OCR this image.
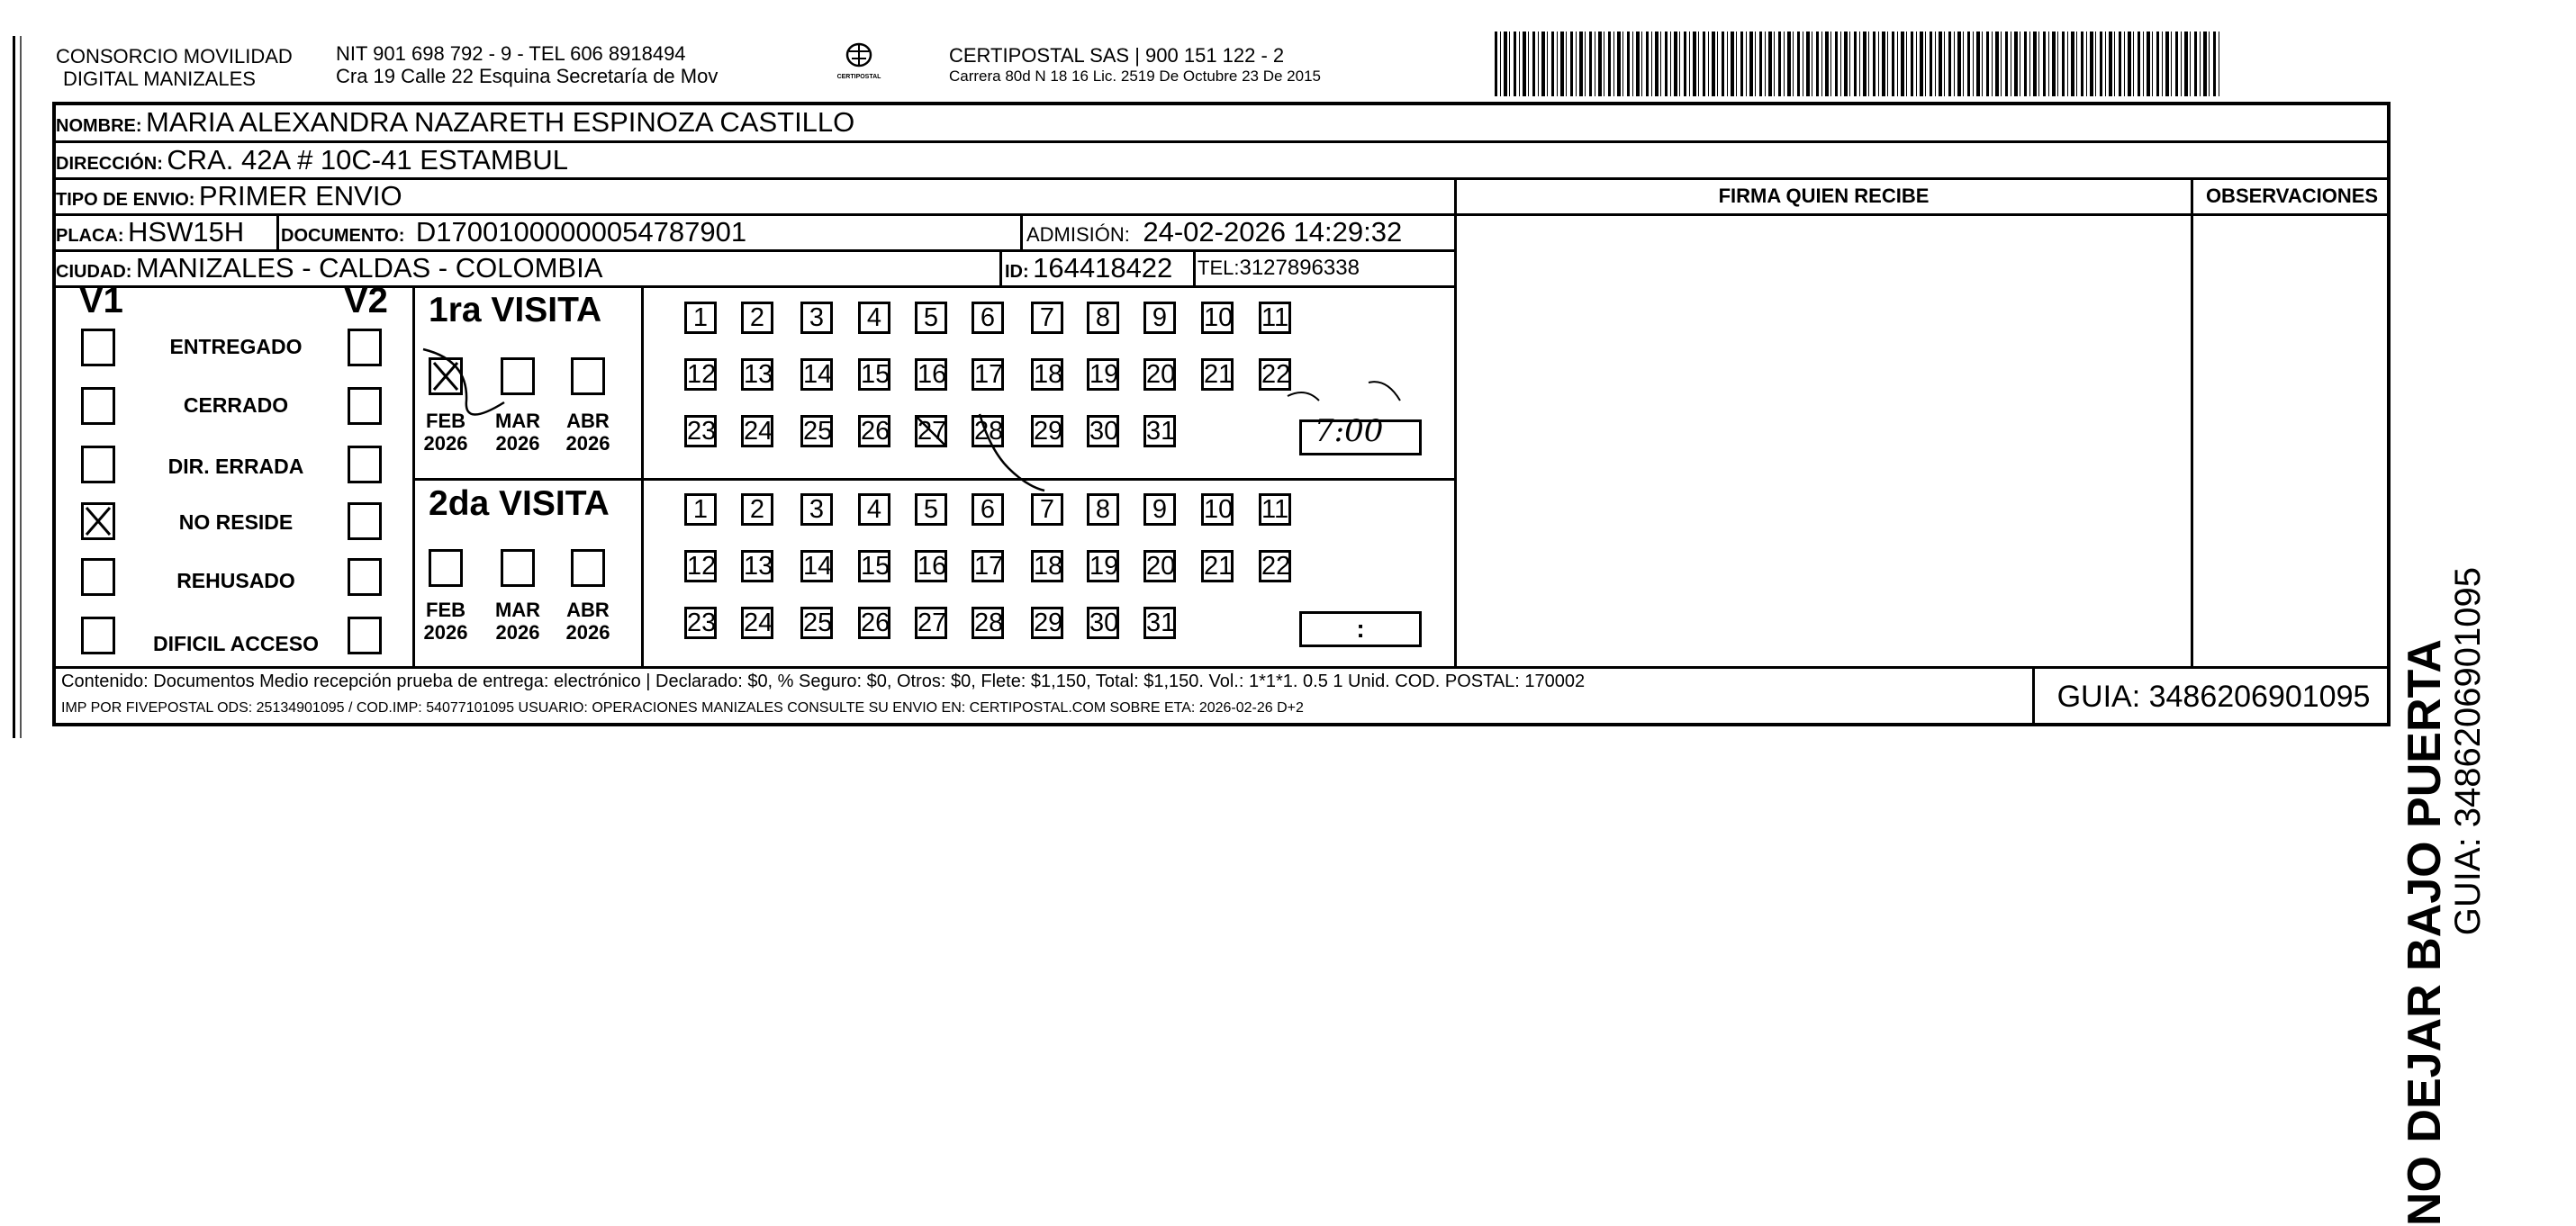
CONSORCIO MOVILIDAD
DIGITAL MANIZALES
NIT 901 698 792 - 9 - TEL 606 8918494
Cra 19 Calle 22 Esquina Secretaría de Mov	CERTIPOSTAL
CERTIPOSTAL SAS | 900 151 122 - 2
Carrera 80d N 18 16 Lic. 2519 De Octubre 23 De 2015
NOMBRE: MARIA ALEXANDRA NAZARETH ESPINOZA CASTILLO
DIRECCIÓN: CRA. 42A # 10C-41 ESTAMBUL
TIPO DE ENVIO: PRIMER ENVIO	FIRMA QUIEN RECIBE	OBSERVACIONES
PLACA: HSW15H DOCUMENTO: D17001000000054787901	ADMISIÓN: 24-02-2026 14:29:32
CIUDAD: MANIZALES - CALDAS - COLOMBIA	ID: 164418422 TEL:3127896338
V1	V2
ENTREGADO
CERRADO
DIR. ERRADA
NO RESIDE
REHUSADO
DIFICIL ACCESO
1ra VISITA
FEB
2026
MAR
2026
ABR
2026
2da VISITA
FEB
2026
MAR
2026
ABR
2026
1	2	3	4	5	6	7	8	9	10 11
12 13 14 15 16 17 18 19 20 21 22
23 24 25 26 27 28 29 30 31
1	2	3	4	5	6	7	8	9	10 11
12 13 14 15 16 17 18 19 20 21 22
23 24 25 26 27 28 29 30 31
7:00
:
Contenido: Documentos Medio recepción prueba de entrega: electrónico | Declarado: $0, % Seguro: $0, Otros: $0, Flete: $1,150, Total: $1,150. Vol.: 1*1*1. 0.5 1 Unid. COD. POSTAL: 170002
IMP POR FIVEPOSTAL ODS: 25134901095 / COD.IMP: 54077101095 USUARIO: OPERACIONES MANIZALES CONSULTE SU ENVIO EN: CERTIPOSTAL.COM SOBRE ETA: 2026-02-26 D+2	GUIA: 3486206901095 NO DEJAR BAJO PUERTA
GUIA: 3486206901095
